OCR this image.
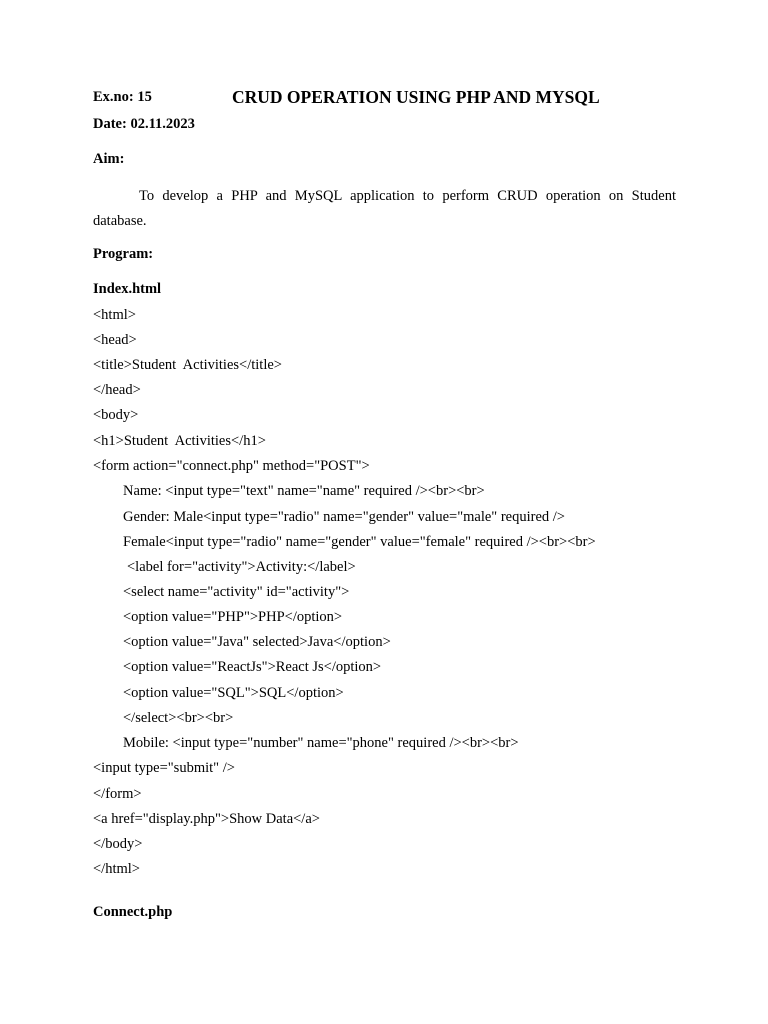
Ex.no: 15	CRUD OPERATION USING PHP AND MYSQL
Date: 02.11.2023
Aim:
To develop a PHP and MySQL application to perform CRUD operation on Student database.
Program:
Index.html
<html>
<head>
<title>Student  Activities</title>
</head>
<body>
<h1>Student  Activities</h1>
<form action="connect.php" method="POST">
Name: <input type="text" name="name" required /><br><br>
Gender: Male<input type="radio" name="gender" value="male" required />
Female<input type="radio" name="gender" value="female" required /><br><br>
<label for="activity">Activity:</label>
<select name="activity" id="activity">
<option value="PHP">PHP</option>
<option value="Java" selected>Java</option>
<option value="ReactJs">React Js</option>
<option value="SQL">SQL</option>
</select><br><br>
Mobile: <input type="number" name="phone" required /><br><br>
<input type="submit" />
</form>
<a href="display.php">Show Data</a>
</body>
</html>
Connect.php
